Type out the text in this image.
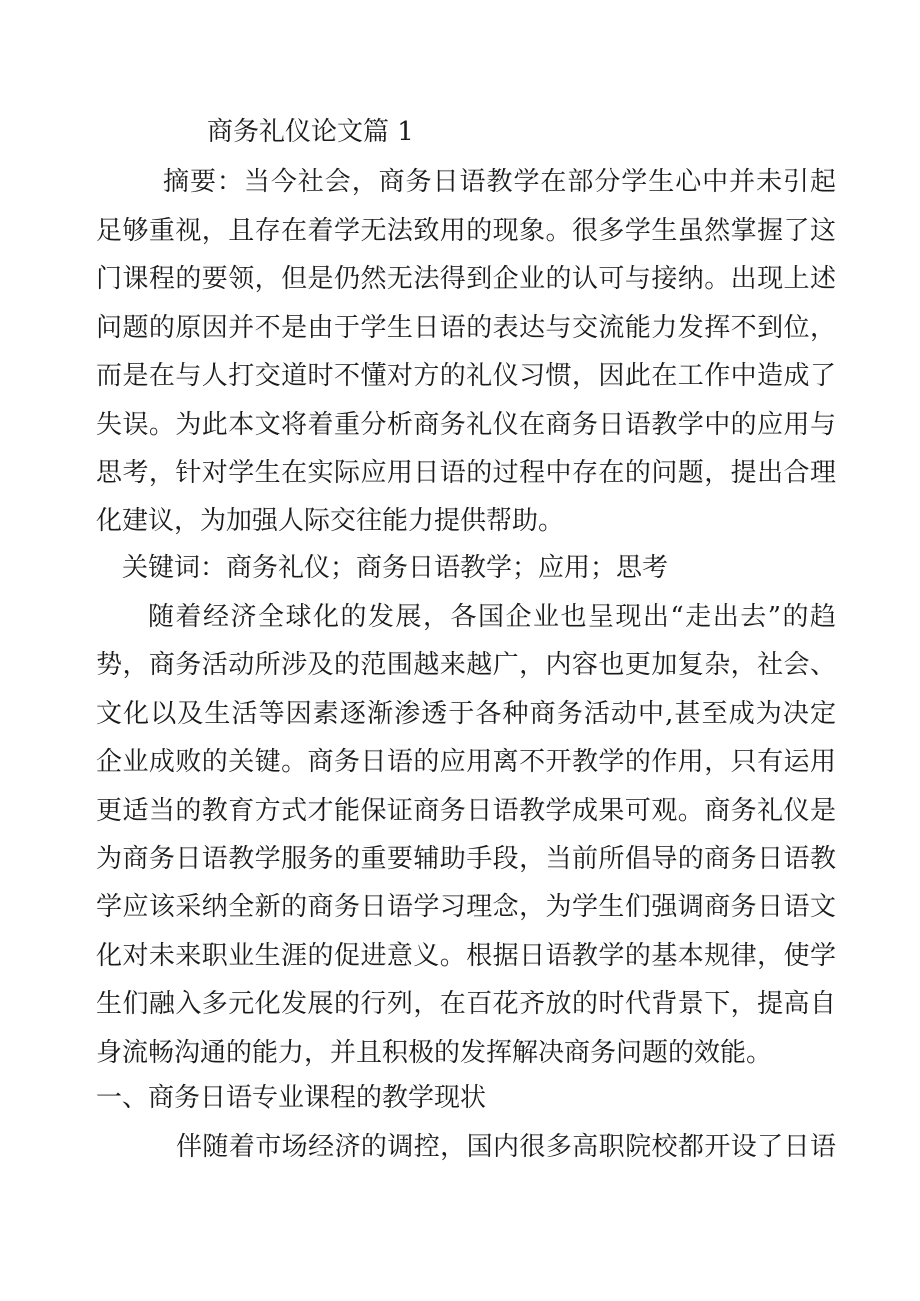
商务礼仪论文篇 1
摘要：当今社会，商务日语教学在部分学生心中并未引起
足够重视，且存在着学无法致用的现象。很多学生虽然掌握了这
门课程的要领，但是仍然无法得到企业的认可与接纳。出现上述
问题的原因并不是由于学生日语的表达与交流能力发挥不到位，
而是在与人打交道时不懂对方的礼仪习惯，因此在工作中造成了
失误。为此本文将着重分析商务礼仪在商务日语教学中的应用与
思考，针对学生在实际应用日语的过程中存在的问题，提出合理
化建议，为加强人际交往能力提供帮助。
关键词：商务礼仪；商务日语教学；应用；思考
随着经济全球化的发展，各国企业也呈现出“走出去”的趋
势，商务活动所涉及的范围越来越广，内容也更加复杂，社会、
文化以及生活等因素逐渐渗透于各种商务活动中,甚至成为决定
企业成败的关键。商务日语的应用离不开教学的作用，只有运用
更适当的教育方式才能保证商务日语教学成果可观。商务礼仪是
为商务日语教学服务的重要辅助手段，当前所倡导的商务日语教
学应该采纳全新的商务日语学习理念，为学生们强调商务日语文
化对未来职业生涯的促进意义。根据日语教学的基本规律，使学
生们融入多元化发展的行列，在百花齐放的时代背景下，提高自
身流畅沟通的能力，并且积极的发挥解决商务问题的效能。
一、商务日语专业课程的教学现状
伴随着市场经济的调控，国内很多高职院校都开设了日语
